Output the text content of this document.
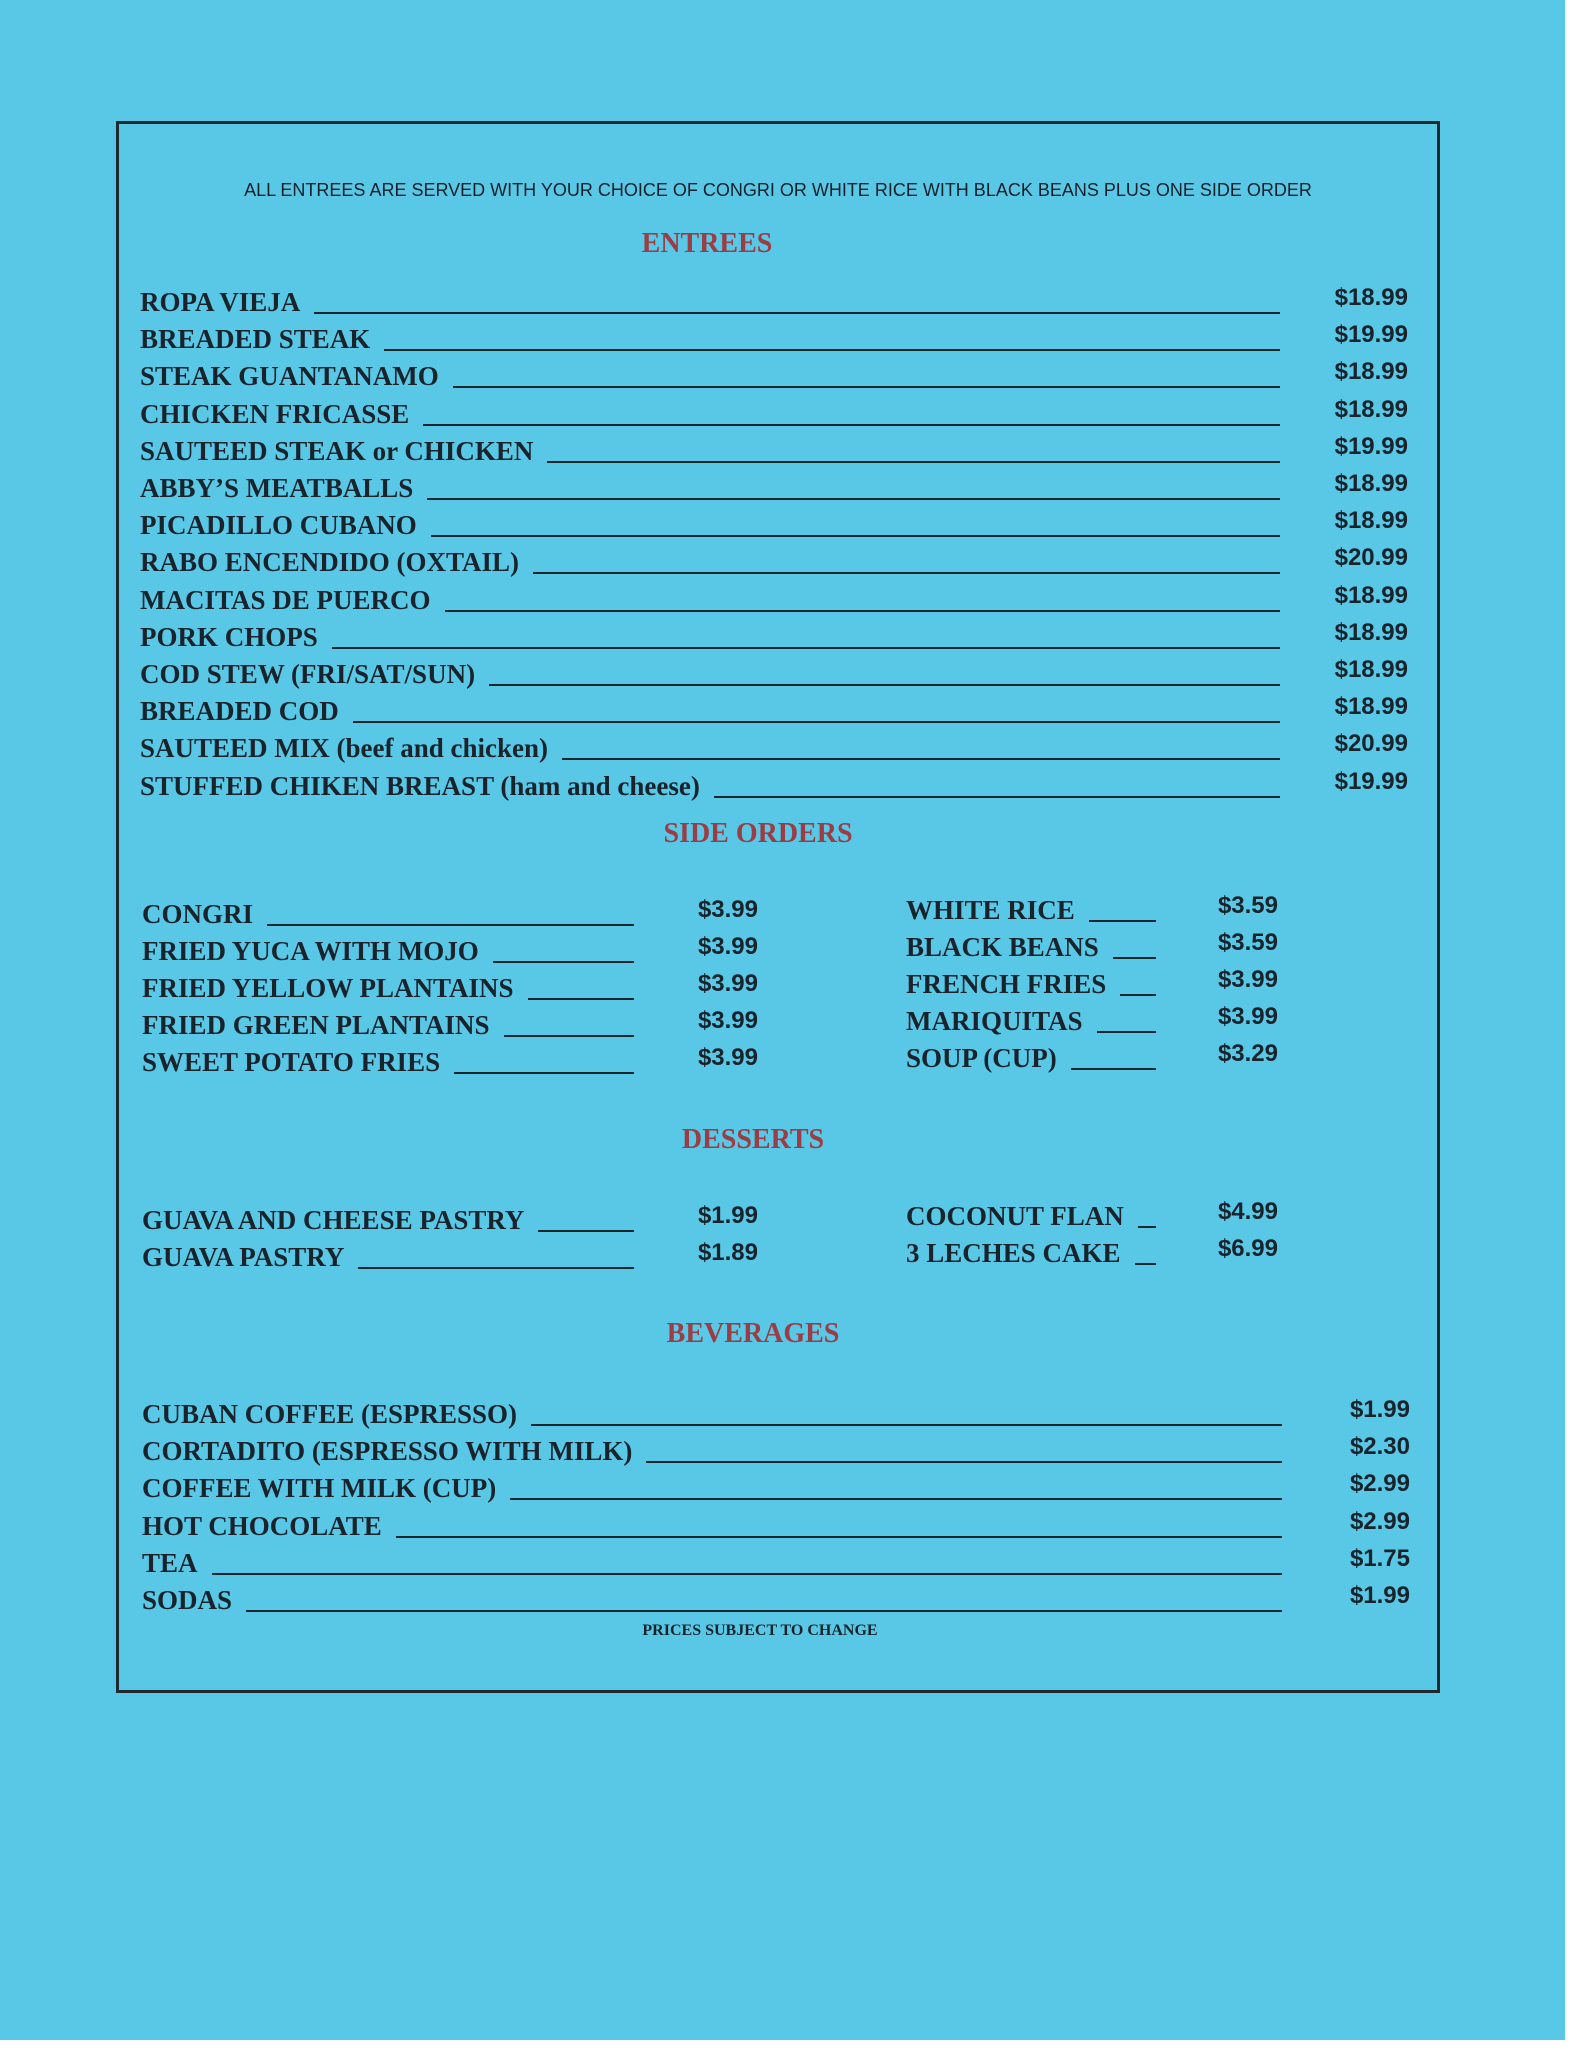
ALL ENTREES ARE SERVED WITH YOUR CHOICE OF CONGRI OR WHITE RICE WITH BLACK BEANS PLUS ONE SIDE ORDER
ENTREES
ROPA VIEJA	$18.99
BREADED STEAK	$19.99
STEAK GUANTANAMO	$18.99
CHICKEN FRICASSE	$18.99
SAUTEED STEAK or CHICKEN	$19.99
ABBY’S MEATBALLS	$18.99
PICADILLO CUBANO	$18.99
RABO ENCENDIDO (OXTAIL)	$20.99
MACITAS DE PUERCO	$18.99
PORK CHOPS	$18.99
COD STEW (FRI/SAT/SUN)	$18.99
BREADED COD	$18.99
SAUTEED MIX (beef and chicken)	$20.99
STUFFED CHIKEN BREAST (ham and cheese)	$19.99
SIDE ORDERS
CONGRI	$3.99
FRIED YUCA WITH MOJO	$3.99
FRIED YELLOW PLANTAINS	$3.99
FRIED GREEN PLANTAINS	$3.99
SWEET POTATO FRIES	$3.99
WHITE RICE	$3.59
BLACK BEANS	$3.59
FRENCH FRIES	$3.99
MARIQUITAS	$3.99
SOUP (CUP)	$3.29
DESSERTS
GUAVA AND CHEESE PASTRY	$1.99
GUAVA PASTRY	$1.89
COCONUT FLAN	$4.99
3 LECHES CAKE	$6.99
BEVERAGES
CUBAN COFFEE (ESPRESSO)	$1.99
CORTADITO (ESPRESSO WITH MILK)	$2.30
COFFEE WITH MILK (CUP)	$2.99
HOT CHOCOLATE	$2.99
TEA	$1.75
SODAS	$1.99
PRICES SUBJECT TO CHANGE
